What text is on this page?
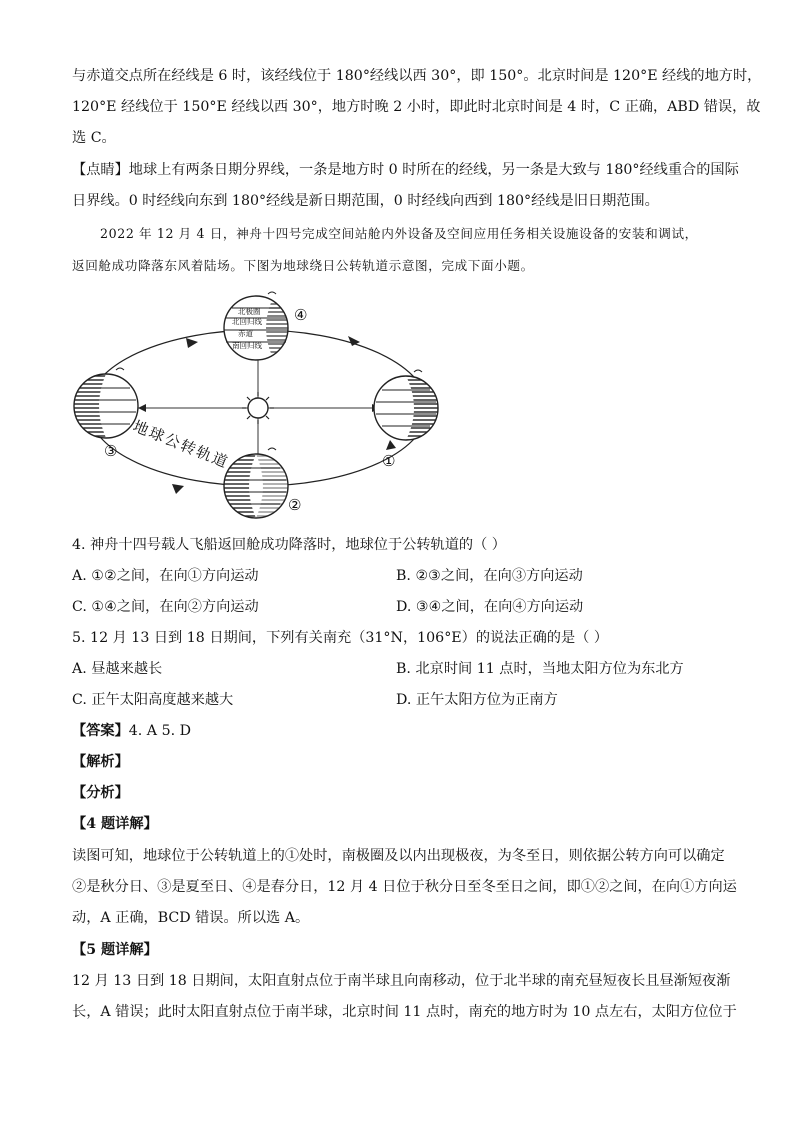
与赤道交点所在经线是 6 时，该经线位于 180°经线以西 30°，即 150°。北京时间是 120°E 经线的地方时，
120°E 经线位于 150°E 经线以西 30°，地方时晚 2 小时，即此时北京时间是 4 时，C 正确，ABD 错误，故
选 C。
【点睛】地球上有两条日期分界线，一条是地方时 0 时所在的经线，另一条是大致与 180°经线重合的国际
日界线。0 时经线向东到 180°经线是新日期范围，0 时经线向西到 180°经线是旧日期范围。
2022 年 12 月 4 日，神舟十四号完成空间站舱内外设备及空间应用任务相关设施设备的安装和调试，
返回舱成功降落东风着陆场。下图为地球绕日公转轨道示意图，完成下面小题。
北极圈
北回归线
赤道
南回归线
④
③
①
②
地球公转轨道
4. 神舟十四号载人飞船返回舱成功降落时，地球位于公转轨道的（ ）
A. ①②之间，在向①方向运动	B. ②③之间，在向③方向运动
C. ①④之间，在向②方向运动	D. ③④之间，在向④方向运动
5. 12 月 13 日到 18 日期间，下列有关南充（31°N，106°E）的说法正确的是（ ）
A. 昼越来越长	B. 北京时间 11 点时，当地太阳方位为东北方
C. 正午太阳高度越来越大	D. 正午太阳方位为正南方
【答案】4. A 5. D
【解析】
【分析】
【4 题详解】
读图可知，地球位于公转轨道上的①处时，南极圈及以内出现极夜，为冬至日，则依据公转方向可以确定
②是秋分日、③是夏至日、④是春分日，12 月 4 日位于秋分日至冬至日之间，即①②之间，在向①方向运
动，A 正确，BCD 错误。所以选 A。
【5 题详解】
12 月 13 日到 18 日期间，太阳直射点位于南半球且向南移动，位于北半球的南充昼短夜长且昼渐短夜渐
长，A 错误；此时太阳直射点位于南半球，北京时间 11 点时，南充的地方时为 10 点左右，太阳方位位于
